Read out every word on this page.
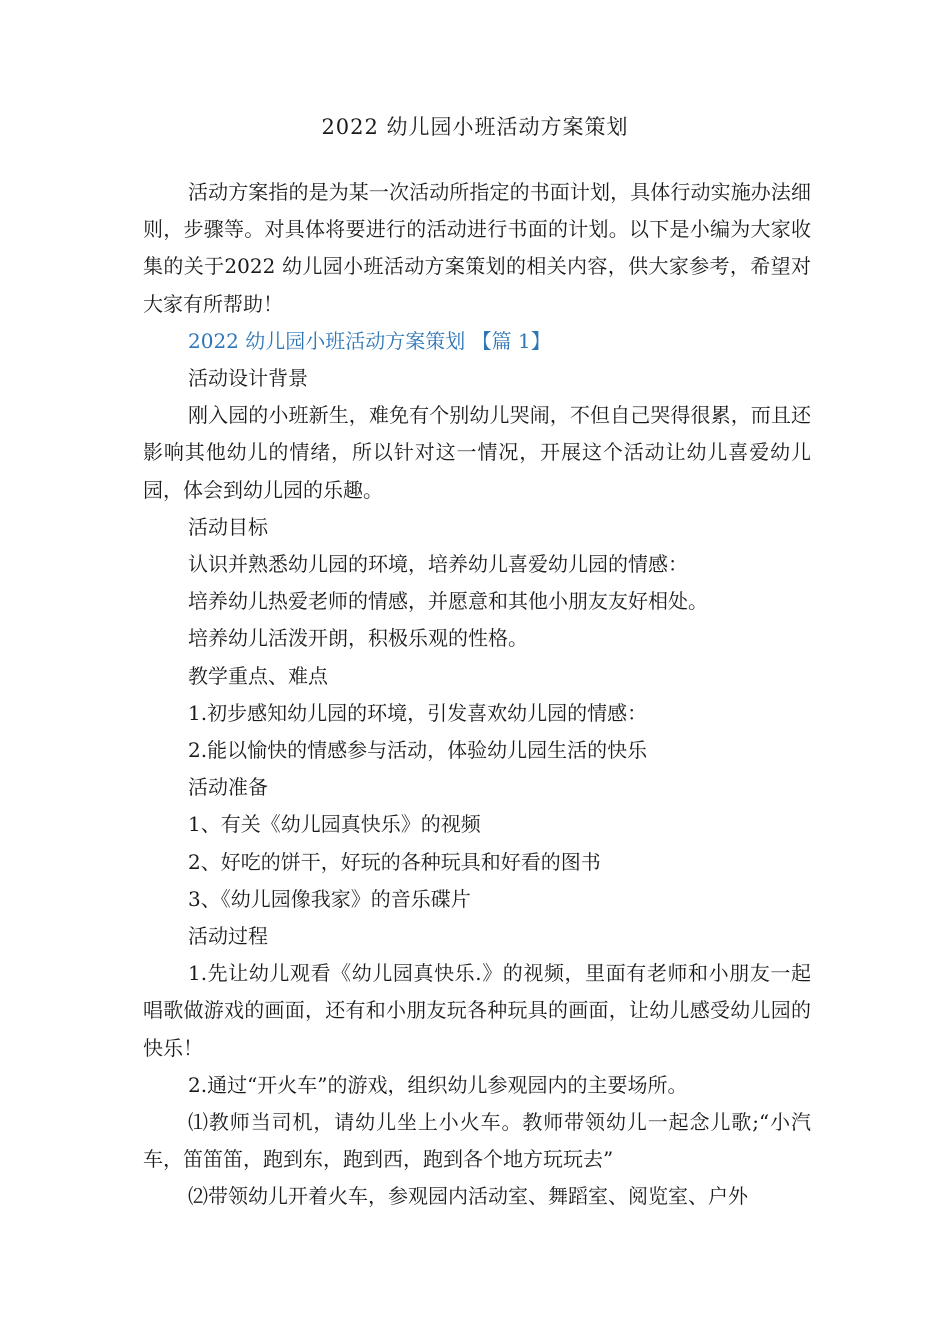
2022 幼儿园小班活动方案策划

活动方案指的是为某一次活动所指定的书面计划，具体行动实施办法细则，步骤等。对具体将要进行的活动进行书面的计划。以下是小编为大家收集的关于2022 幼儿园小班活动方案策划的相关内容，供大家参考，希望对大家有所帮助！

2022 幼儿园小班活动方案策划 【篇 1】

活动设计背景

刚入园的小班新生，难免有个别幼儿哭闹，不但自己哭得很累，而且还影响其他幼儿的情绪，所以针对这一情况，开展这个活动让幼儿喜爱幼儿园，体会到幼儿园的乐趣。

活动目标

认识并熟悉幼儿园的环境，培养幼儿喜爱幼儿园的情感：

培养幼儿热爱老师的情感，并愿意和其他小朋友友好相处。

培养幼儿活泼开朗，积极乐观的性格。

教学重点、难点

1.初步感知幼儿园的环境，引发喜欢幼儿园的情感：

2.能以愉快的情感参与活动，体验幼儿园生活的快乐

活动准备

1、有关《幼儿园真快乐》的视频

2、好吃的饼干，好玩的各种玩具和好看的图书

3、《幼儿园像我家》的音乐碟片

活动过程

1.先让幼儿观看《幼儿园真快乐.》的视频，里面有老师和小朋友一起唱歌做游戏的画面，还有和小朋友玩各种玩具的画面，让幼儿感受幼儿园的快乐！

2.通过“开火车”的游戏，组织幼儿参观园内的主要场所。

⑴教师当司机，请幼儿坐上小火车。教师带领幼儿一起念儿歌;“小汽车，笛笛笛，跑到东，跑到西，跑到各个地方玩玩去”

⑵带领幼儿开着火车，参观园内活动室、舞蹈室、阅览室、户外
